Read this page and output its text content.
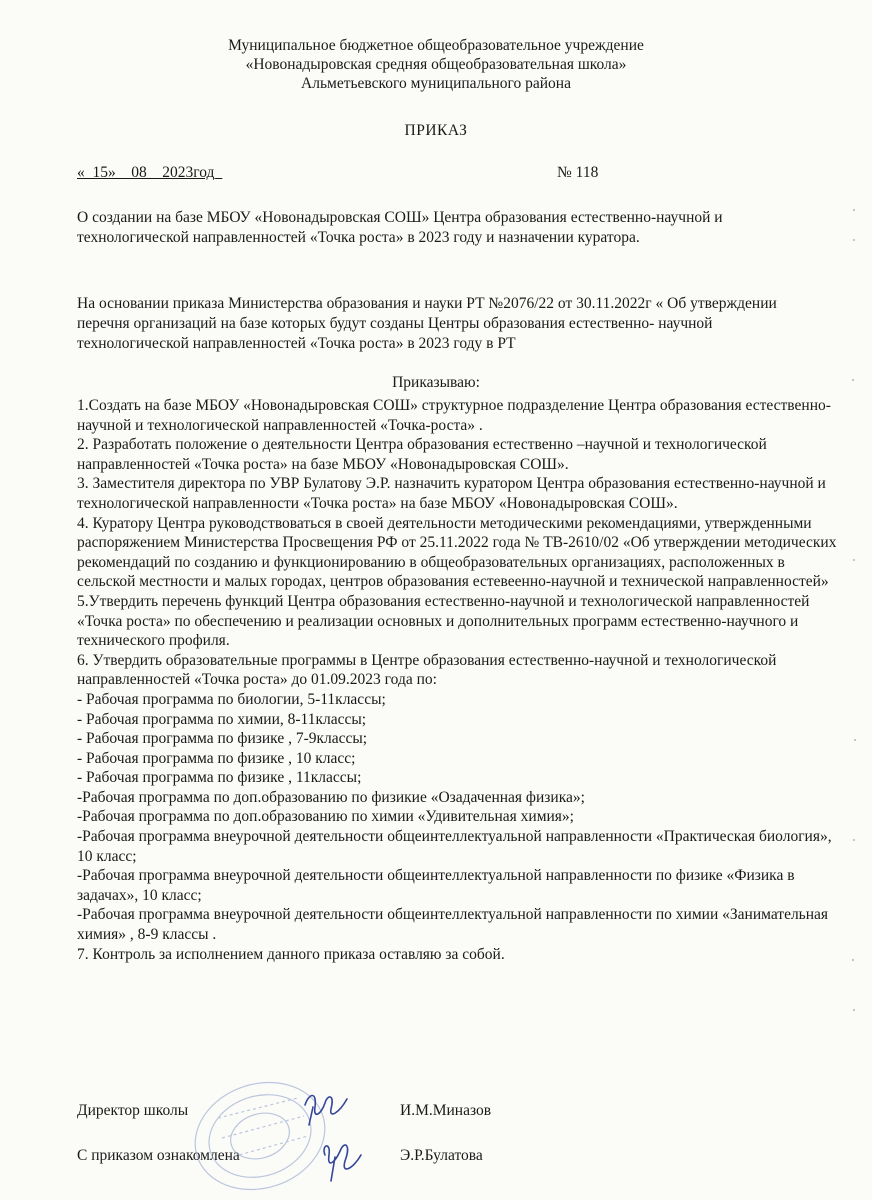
Муниципальное бюджетное общеобразовательное учреждение
«Новонадыровская средняя общеобразовательная школа»
Альметьевского муниципального района
ПРИКАЗ
«_15»__08__2023год_	№ 118
О создании на базе МБОУ «Новонадыровская СОШ» Центра образования естественно-научной и технологической направленностей «Точка роста» в 2023 году и назначении куратора.
На основании приказа Министерства образования и науки РТ №2076/22 от 30.11.2022г « Об утверждении перечня организаций на базе которых будут созданы Центры образования естественно- научной технологической направленностей «Точка роста» в 2023 году в РТ
Приказываю:
1.Создать на базе МБОУ «Новонадыровская СОШ» структурное подразделение Центра образования естественно- научной и технологической направленностей «Точка-роста» .
2. Разработать положение о деятельности Центра образования естественно –научной и технологической направленностей «Точка роста» на базе МБОУ «Новонадыровская СОШ».
3. Заместителя директора по УВР Булатову Э.Р. назначить куратором Центра образования естественно-научной и технологической направленности «Точка роста» на базе МБОУ «Новонадыровская СОШ».
4. Куратору Центра руководствоваться в своей деятельности методическими рекомендациями, утвержденными распоряжением Министерства Просвещения РФ от 25.11.2022 года № ТВ-2610/02 «Об утверждении методических рекомендаций по созданию и функционированию в общеобразовательных организациях, расположенных в сельской местности и малых городах, центров образования естевеенно-научной и технической направленностей»
5.Утвердить перечень функций Центра образования естественно-научной и технологической направленностей «Точка роста» по обеспечению и реализации основных и дополнительных программ естественно-научного и технического профиля.
6. Утвердить образовательные программы в Центре образования естественно-научной и технологической направленностей «Точка роста» до 01.09.2023 года по:
- Рабочая программа по биологии, 5-11классы;
- Рабочая программа по химии, 8-11классы;
- Рабочая программа по физике , 7-9классы;
- Рабочая программа по физике , 10 класс;
- Рабочая программа по физике , 11классы;
-Рабочая программа по доп.образованию по физикие «Озадаченная физика»;
-Рабочая программа по доп.образованию по химии «Удивительная химия»;
-Рабочая программа внеурочной деятельности общеинтеллектуальной направленности «Практическая биология», 10 класс;
-Рабочая программа внеурочной деятельности общеинтеллектуальной направленности по физике «Физика в задачах», 10 класс;
-Рабочая программа внеурочной деятельности общеинтеллектуальной направленности по химии «Занимательная химия» , 8-9 классы .
7. Контроль за исполнением данного приказа оставляю за собой.
Директор школы	И.М.Миназов
С приказом ознакомлена	Э.Р.Булатова
